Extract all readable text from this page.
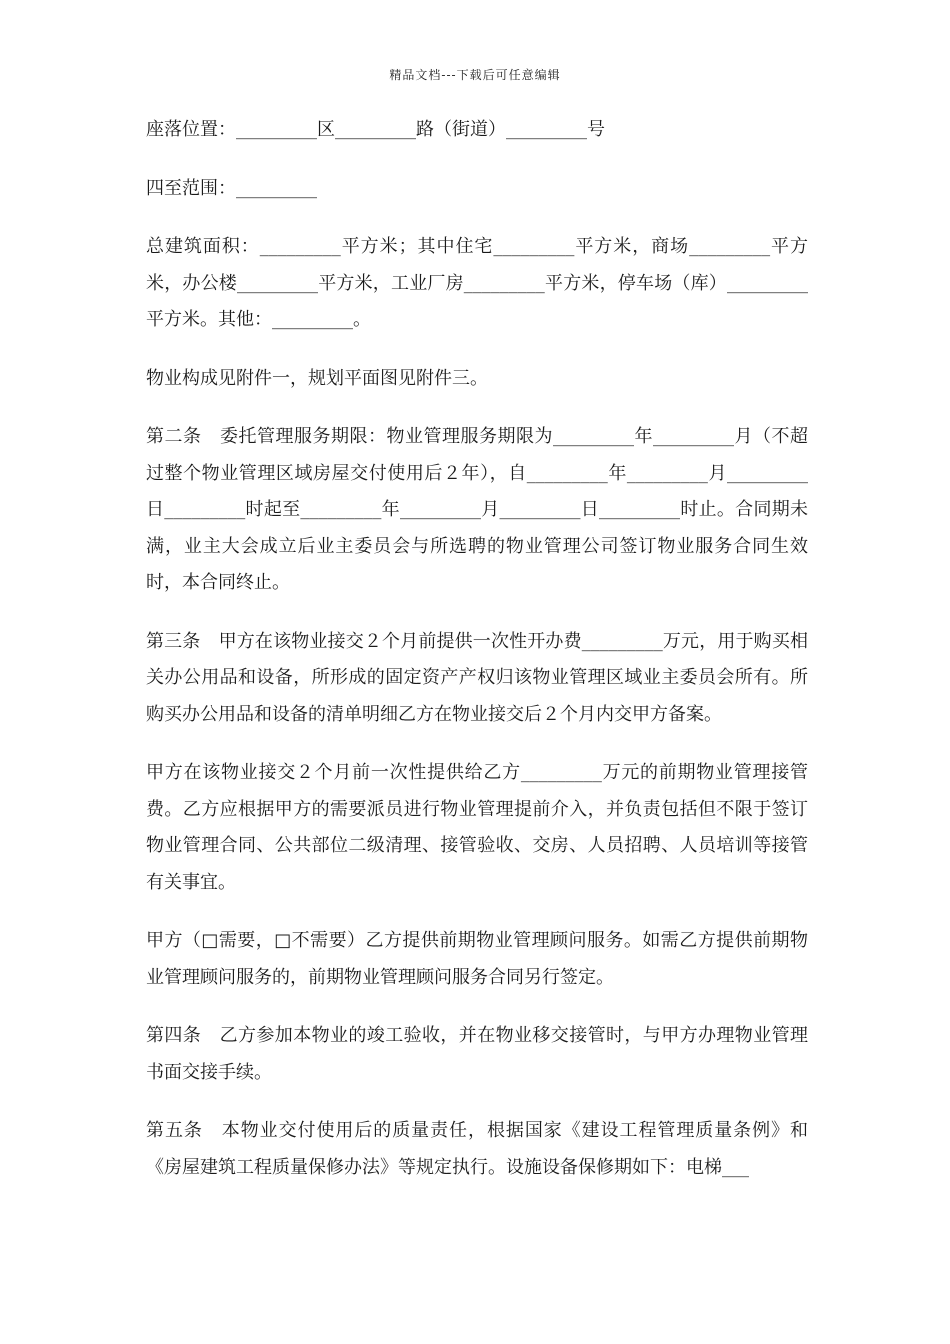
精品文档---下载后可任意编辑

座落位置：_________区_________路（街道）_________号

四至范围：_________

总建筑面积：_________平方米；其中住宅_________平方米，商场_________平方米，办公楼_________平方米，工业厂房_________平方米，停车场（库）_________平方米。其他：_________。

物业构成见附件一，规划平面图见附件三。

第二条　委托管理服务期限：物业管理服务期限为_________年_________月（不超过整个物业管理区域房屋交付使用后２年），自_________年_________月_________日_________时起至_________年_________月_________日_________时止。合同期未满，业主大会成立后业主委员会与所选聘的物业管理公司签订物业服务合同生效时，本合同终止。

第三条　甲方在该物业接交２个月前提供一次性开办费_________万元，用于购买相关办公用品和设备，所形成的固定资产产权归该物业管理区域业主委员会所有。所购买办公用品和设备的清单明细乙方在物业接交后２个月内交甲方备案。

甲方在该物业接交２个月前一次性提供给乙方_________万元的前期物业管理接管费。乙方应根据甲方的需要派员进行物业管理提前介入，并负责包括但不限于签订物业管理合同、公共部位二级清理、接管验收、交房、人员招聘、人员培训等接管有关事宜。

甲方（□需要，□不需要）乙方提供前期物业管理顾问服务。如需乙方提供前期物业管理顾问服务的，前期物业管理顾问服务合同另行签定。

第四条　乙方参加本物业的竣工验收，并在物业移交接管时，与甲方办理物业管理书面交接手续。

第五条　本物业交付使用后的质量责任，根据国家《建设工程管理质量条例》和《房屋建筑工程质量保修办法》等规定执行。设施设备保修期如下：电梯___
